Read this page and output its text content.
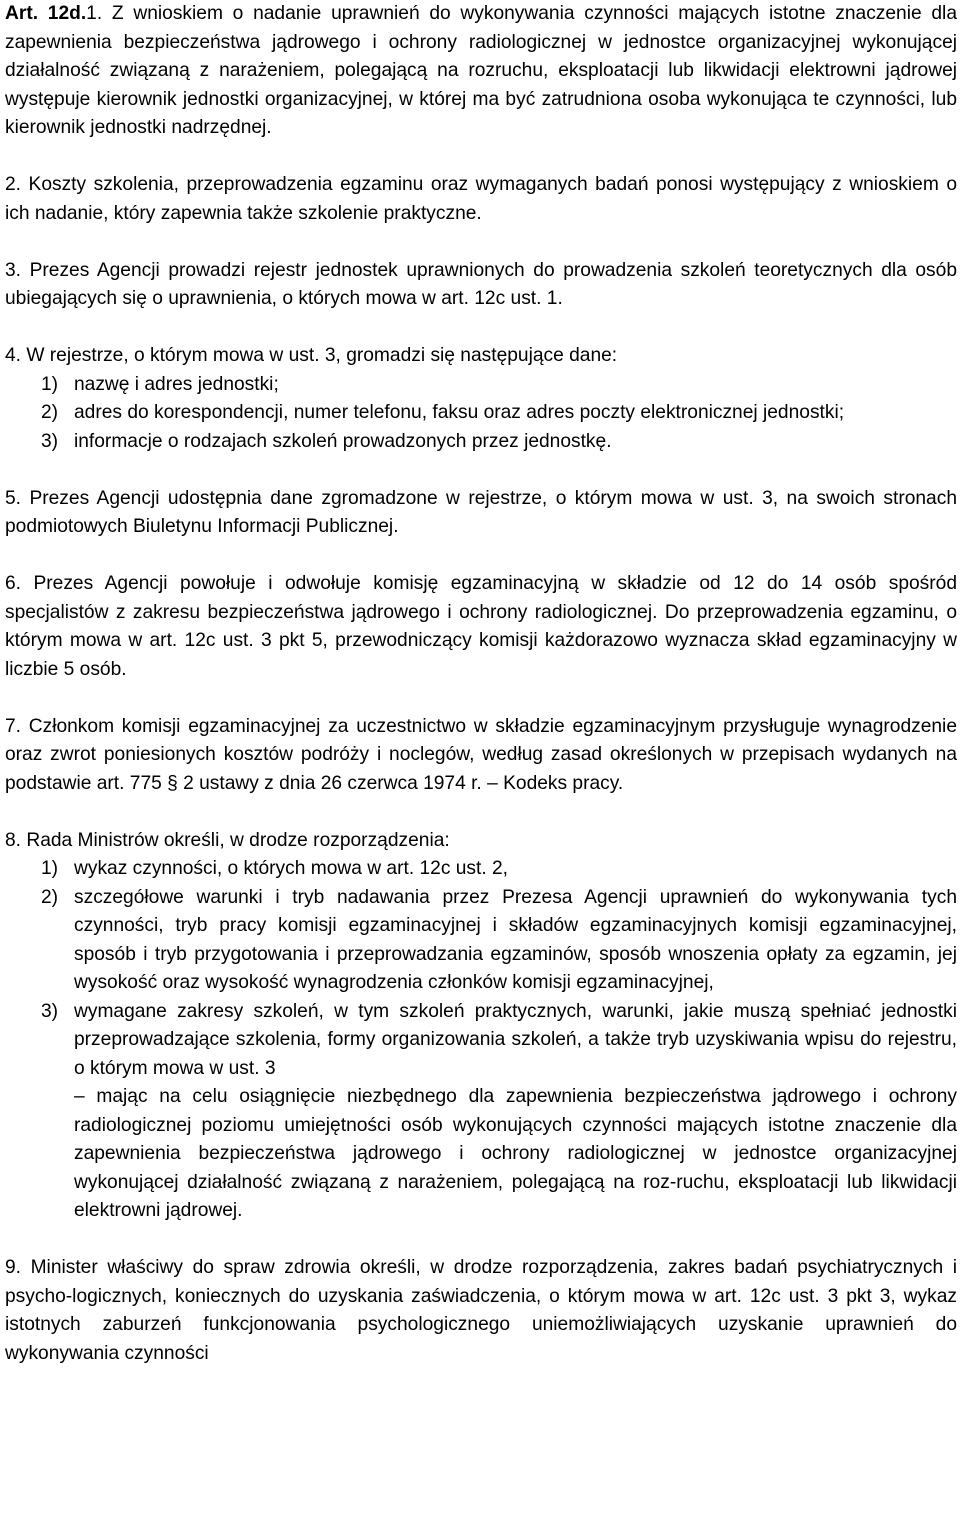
Art. 12d.1. Z wnioskiem o nadanie uprawnień do wykonywania czynności mających istotne znaczenie dla zapewnienia bezpieczeństwa jądrowego i ochrony radiologicznej w jednostce organizacyjnej wykonującej działalność związaną z narażeniem, polegającą na rozruchu, eksploatacji lub likwidacji elektrowni jądrowej występuje kierownik jednostki organizacyjnej, w której ma być zatrudniona osoba wykonująca te czynności, lub kierownik jednostki nadrzędnej.

2. Koszty szkolenia, przeprowadzenia egzaminu oraz wymaganych badań ponosi występujący z wnioskiem o ich nadanie, który zapewnia także szkolenie praktyczne.

3. Prezes Agencji prowadzi rejestr jednostek uprawnionych do prowadzenia szkoleń teoretycznych dla osób ubiegających się o uprawnienia, o których mowa w art. 12c ust. 1.

4. W rejestrze, o którym mowa w ust. 3, gromadzi się następujące dane:

1) nazwę i adres jednostki;
2) adres do korespondencji, numer telefonu, faksu oraz adres poczty elektronicznej jednostki;
3) informacje o rodzajach szkoleń prowadzonych przez jednostkę.

5. Prezes Agencji udostępnia dane zgromadzone w rejestrze, o którym mowa w ust. 3, na swoich stronach podmiotowych Biuletynu Informacji Publicznej.

6. Prezes Agencji powołuje i odwołuje komisję egzaminacyjną w składzie od 12 do 14 osób spośród specjalistów z zakresu bezpieczeństwa jądrowego i ochrony radiologicznej. Do przeprowadzenia egzaminu, o którym mowa w art. 12c ust. 3 pkt 5, przewodniczący komisji każdorazowo wyznacza skład egzaminacyjny w liczbie 5 osób.

7. Członkom komisji egzaminacyjnej za uczestnictwo w składzie egzaminacyjnym przysługuje wynagrodzenie oraz zwrot poniesionych kosztów podróży i noclegów, według zasad określonych w przepisach wydanych na podstawie art. 775 § 2 ustawy z dnia 26 czerwca 1974 r. – Kodeks pracy.

8. Rada Ministrów określi, w drodze rozporządzenia:

1) wykaz czynności, o których mowa w art. 12c ust. 2,
2) szczegółowe warunki i tryb nadawania przez Prezesa Agencji uprawnień do wykonywania tych czynności, tryb pracy komisji egzaminacyjnej i składów egzaminacyjnych komisji egzaminacyjnej, sposób i tryb przygotowania i przeprowadzania egzaminów, sposób wnoszenia opłaty za egzamin, jej wysokość oraz wysokość wynagrodzenia członków komisji egzaminacyjnej,
3) wymagane zakresy szkoleń, w tym szkoleń praktycznych, warunki, jakie muszą spełniać jednostki przeprowadzające szkolenia, formy organizowania szkoleń, a także tryb uzyskiwania wpisu do rejestru, o którym mowa w ust. 3
– mając na celu osiągnięcie niezbędnego dla zapewnienia bezpieczeństwa jądrowego i ochrony radiologicznej poziomu umiejętności osób wykonujących czynności mających istotne znaczenie dla zapewnienia bezpieczeństwa jądrowego i ochrony radiologicznej w jednostce organizacyjnej wykonującej działalność związaną z narażeniem, polegającą na roz-ruchu, eksploatacji lub likwidacji elektrowni jądrowej.

9. Minister właściwy do spraw zdrowia określi, w drodze rozporządzenia, zakres badań psychiatrycznych i psycho-logicznych, koniecznych do uzyskania zaświadczenia, o którym mowa w art. 12c ust. 3 pkt 3, wykaz istotnych zaburzeń funkcjonowania psychologicznego uniemożliwiających uzyskanie uprawnień do wykonywania czynności
